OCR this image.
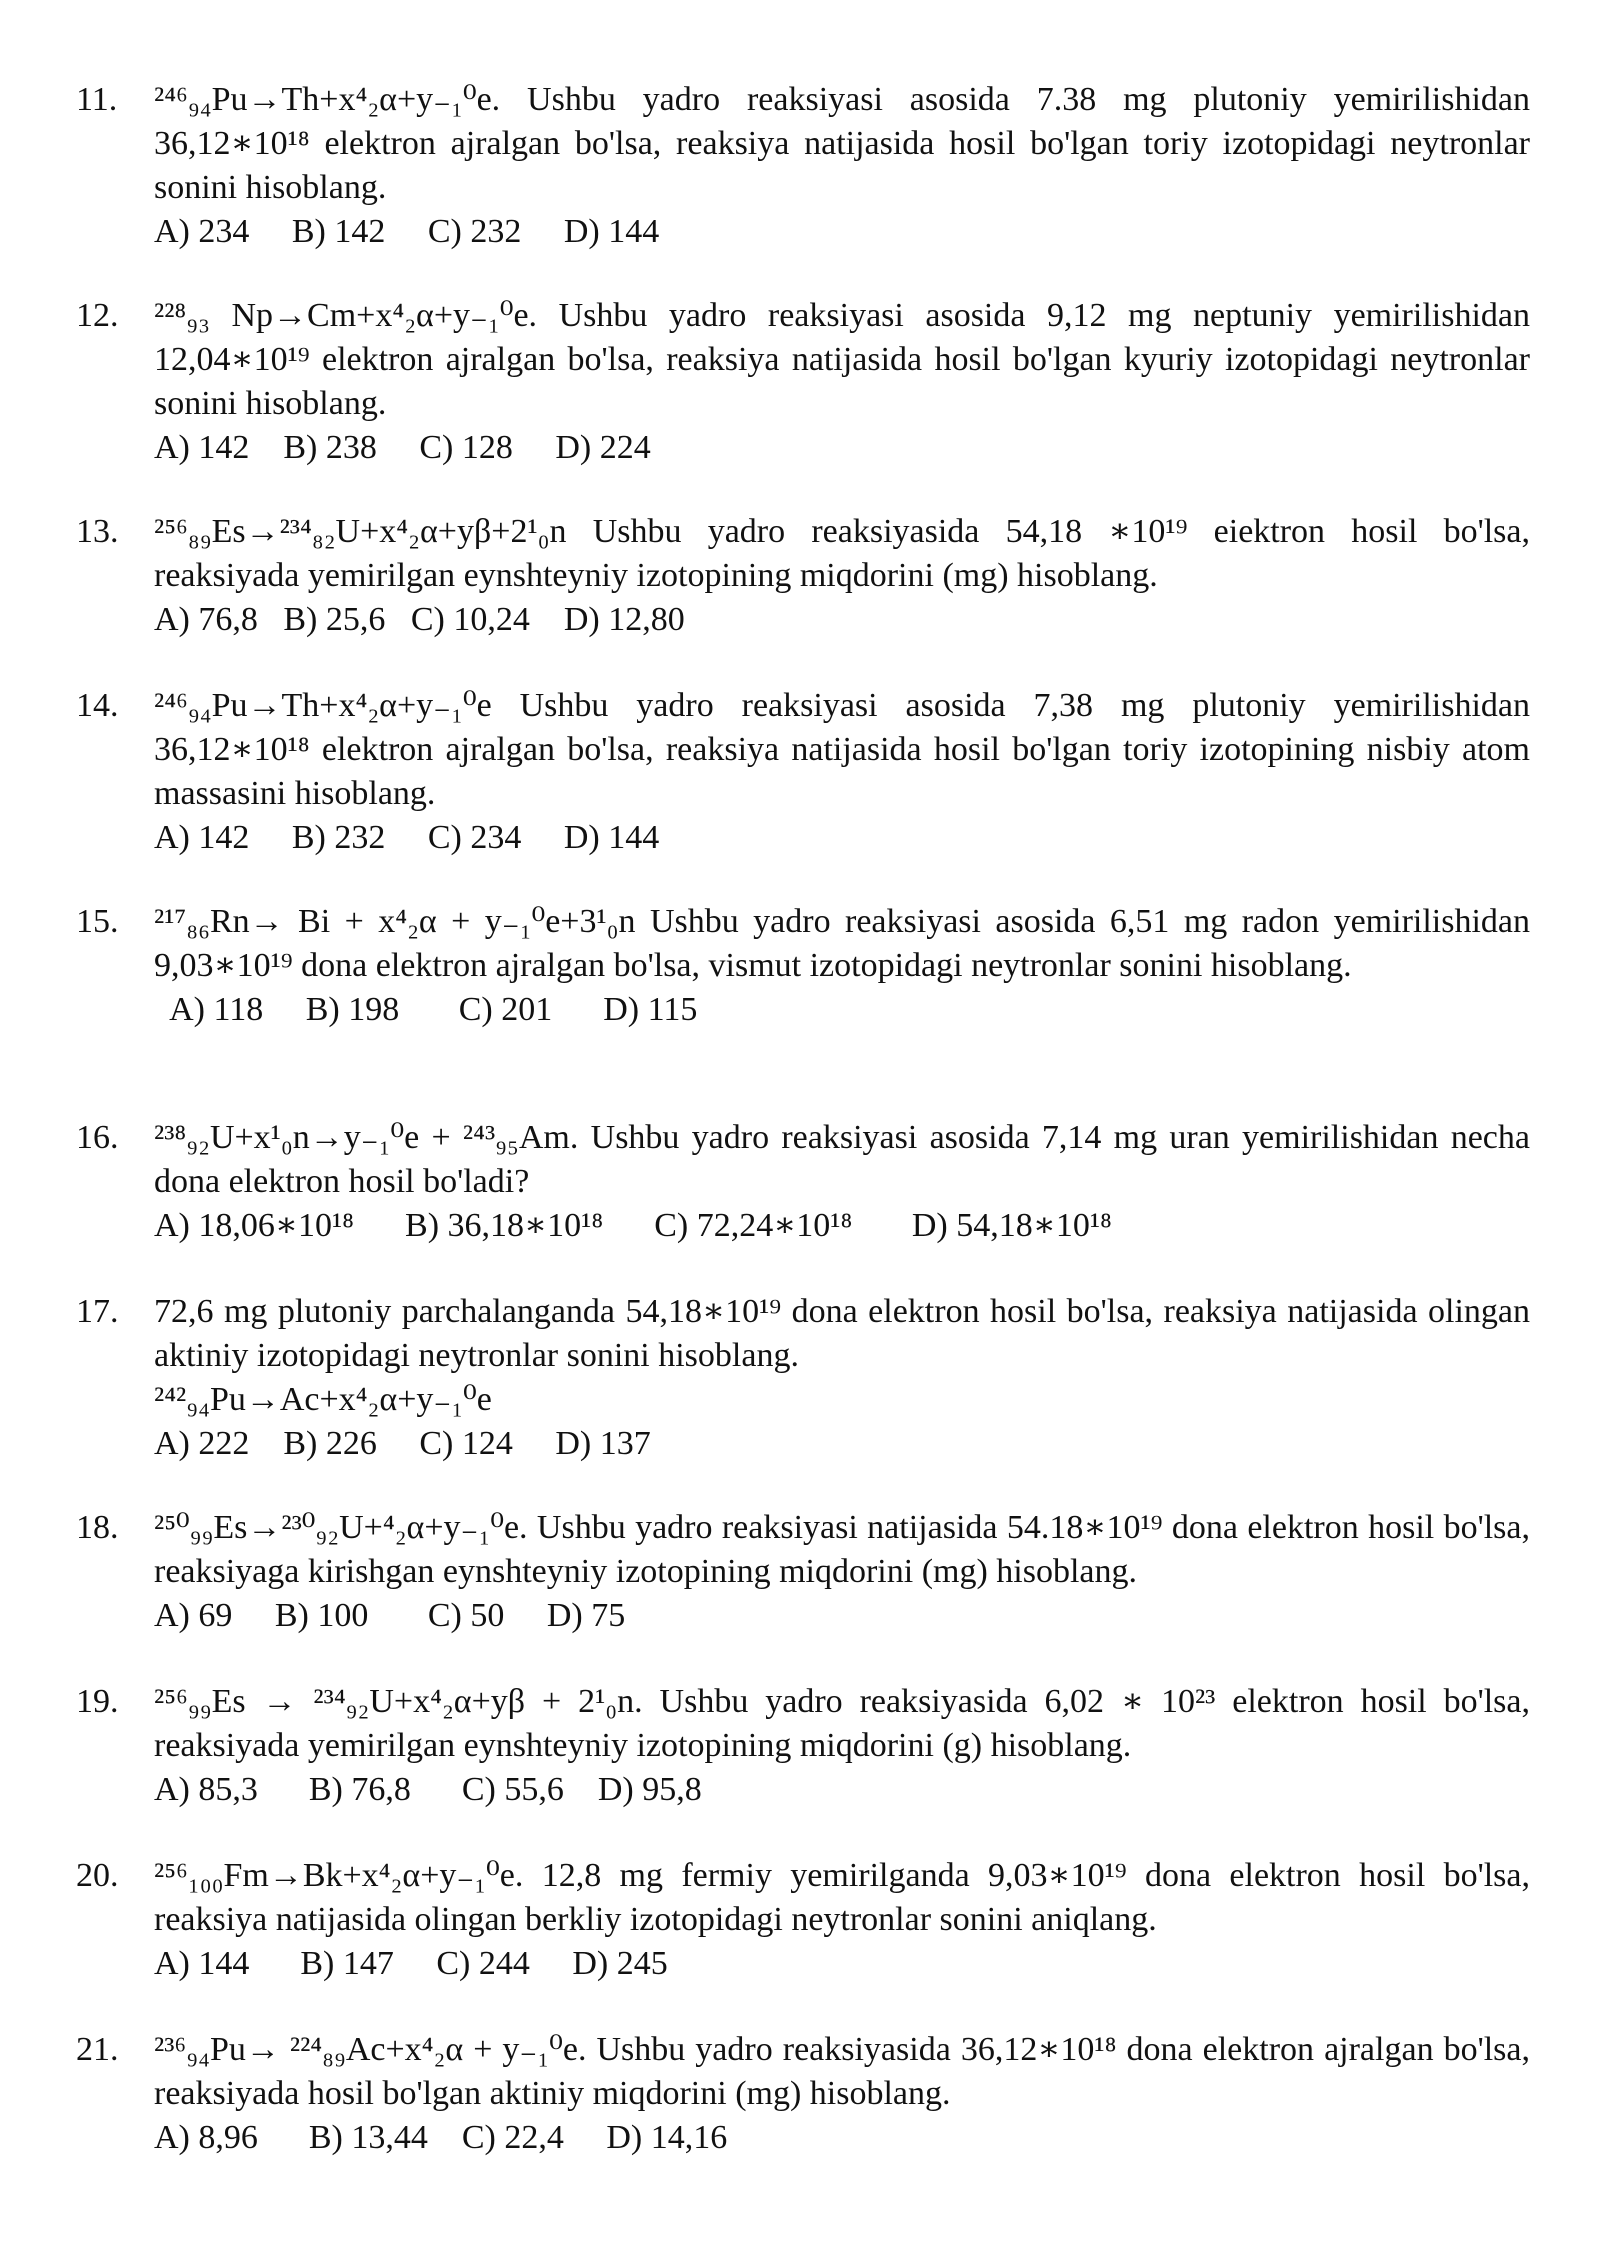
11.	²⁴⁶₉₄Pu→Th+x⁴₂α+y₋₁⁰e. Ushbu yadro reaksiyasi asosida 7.38 mg plutoniy yemirilishidan 36,12∗10¹⁸ elektron ajralgan bo'lsa, reaksiya natijasida hosil bo'lgan toriy izotopidagi neytronlar sonini hisoblang.

A) 234     B) 142     C) 232     D) 144
12.	²²⁸₉₃ Np→Cm+x⁴₂α+y₋₁⁰e. Ushbu yadro reaksiyasi asosida 9,12 mg neptuniy yemirilishidan 12,04∗10¹⁹ elektron ajralgan bo'lsa, reaksiya natijasida hosil bo'lgan kyuriy izotopidagi neytronlar sonini hisoblang.

A) 142    B) 238     C) 128     D) 224
13.	²⁵⁶₈₉Es→²³⁴₈₂U+x⁴₂α+yβ+2¹₀n Ushbu yadro reaksiyasida 54,18 ∗10¹⁹ eiektron hosil bo'lsa, reaksiyada yemirilgan eynshteyniy izotopining miqdorini (mg) hisoblang.

A) 76,8   B) 25,6   C) 10,24    D) 12,80
14.	²⁴⁶₉₄Pu→Th+x⁴₂α+y₋₁⁰e Ushbu yadro reaksiyasi asosida 7,38 mg plutoniy yemirilishidan 36,12∗10¹⁸ elektron ajralgan bo'lsa, reaksiya natijasida hosil bo'lgan toriy izotopining nisbiy atom massasini hisoblang.

A) 142     B) 232     C) 234     D) 144
15.	²¹⁷₈₆Rn→ Bi + x⁴₂α + y₋₁⁰e+3¹₀n Ushbu yadro reaksiyasi asosida 6,51 mg radon yemirilishidan 9,03∗10¹⁹ dona elektron ajralgan bo'lsa, vismut izotopidagi neytronlar sonini hisoblang.

A) 118     B) 198       C) 201      D) 115
16.	²³⁸₉₂U+x¹₀n→y₋₁⁰e + ²⁴³₉₅Am. Ushbu yadro reaksiyasi asosida 7,14 mg uran yemirilishidan necha dona elektron hosil bo'ladi?

A) 18,06∗10¹⁸      B) 36,18∗10¹⁸      C) 72,24∗10¹⁸       D) 54,18∗10¹⁸
17.	72,6 mg plutoniy parchalanganda 54,18∗10¹⁹ dona elektron hosil bo'lsa, reaksiya natijasida olingan aktiniy izotopidagi neytronlar sonini hisoblang.

²⁴²₉₄Pu→Ac+x⁴₂α+y₋₁⁰e

A) 222    B) 226     C) 124     D) 137
18.	²⁵⁰₉₉Es→²³⁰₉₂U+⁴₂α+y₋₁⁰e. Ushbu yadro reaksiyasi natijasida 54.18∗10¹⁹ dona elektron hosil bo'lsa, reaksiyaga kirishgan eynshteyniy izotopining miqdorini (mg) hisoblang.

A) 69     B) 100       C) 50     D) 75
19.	²⁵⁶₉₉Es → ²³⁴₉₂U+x⁴₂α+yβ + 2¹₀n. Ushbu yadro reaksiyasida 6,02 ∗ 10²³ elektron hosil bo'lsa, reaksiyada yemirilgan eynshteyniy izotopining miqdorini (g) hisoblang.

A) 85,3      B) 76,8      C) 55,6    D) 95,8
20.	²⁵⁶₁₀₀Fm→Bk+x⁴₂α+y₋₁⁰e. 12,8 mg fermiy yemirilganda 9,03∗10¹⁹ dona elektron hosil bo'lsa, reaksiya natijasida olingan berkliy izotopidagi neytronlar sonini aniqlang.

A) 144      B) 147     C) 244     D) 245
21.	²³⁶₉₄Pu→ ²²⁴₈₉Ac+x⁴₂α + y₋₁⁰e. Ushbu yadro reaksiyasida 36,12∗10¹⁸ dona elektron ajralgan bo'lsa, reaksiyada hosil bo'lgan aktiniy miqdorini (mg) hisoblang.

A) 8,96      B) 13,44    C) 22,4     D) 14,16
